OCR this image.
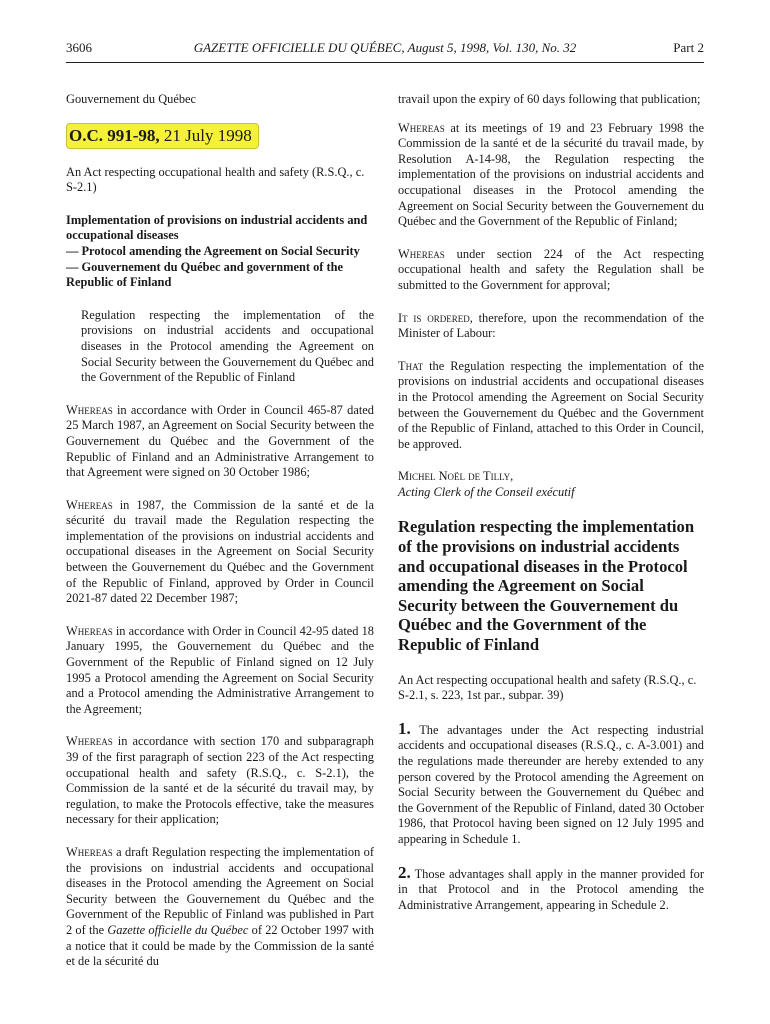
3606	GAZETTE OFFICIELLE DU QUÉBEC, August 5, 1998, Vol. 130, No. 32	Part 2

Gouvernement du Québec

O.C. 991-98, 21 July 1998

An Act respecting occupational health and safety (R.S.Q., c. S-2.1)

Implementation of provisions on industrial accidents and occupational diseases
— Protocol amending the Agreement on Social Security
— Gouvernement du Québec and government of the Republic of Finland

Regulation respecting the implementation of the provisions on industrial accidents and occupational diseases in the Protocol amending the Agreement on Social Security between the Gouvernement du Québec and the Government of the Republic of Finland

Whereas in accordance with Order in Council 465-87 dated 25 March 1987, an Agreement on Social Security between the Gouvernement du Québec and the Government of the Republic of Finland and an Administrative Arrangement to that Agreement were signed on 30 October 1986;

Whereas in 1987, the Commission de la santé et de la sécurité du travail made the Regulation respecting the implementation of the provisions on industrial accidents and occupational diseases in the Agreement on Social Security between the Gouvernement du Québec and the Government of the Republic of Finland, approved by Order in Council 2021-87 dated 22 December 1987;

Whereas in accordance with Order in Council 42-95 dated 18 January 1995, the Gouvernement du Québec and the Government of the Republic of Finland signed on 12 July 1995 a Protocol amending the Agreement on Social Security and a Protocol amending the Administrative Arrangement to the Agreement;

Whereas in accordance with section 170 and subparagraph 39 of the first paragraph of section 223 of the Act respecting occupational health and safety (R.S.Q., c. S-2.1), the Commission de la santé et de la sécurité du travail may, by regulation, to make the Protocols effective, take the measures necessary for their application;

Whereas a draft Regulation respecting the implementation of the provisions on industrial accidents and occupational diseases in the Protocol amending the Agreement on Social Security between the Gouvernement du Québec and the Government of the Republic of Finland was published in Part 2 of the Gazette officielle du Québec of 22 October 1997 with a notice that it could be made by the Commission de la santé et de la sécurité du

travail upon the expiry of 60 days following that publication;

Whereas at its meetings of 19 and 23 February 1998 the Commission de la santé et de la sécurité du travail made, by Resolution A-14-98, the Regulation respecting the implementation of the provisions on industrial accidents and occupational diseases in the Protocol amending the Agreement on Social Security between the Gouvernement du Québec and the Government of the Republic of Finland;

Whereas under section 224 of the Act respecting occupational health and safety the Regulation shall be submitted to the Government for approval;

It is ordered, therefore, upon the recommendation of the Minister of Labour:

That the Regulation respecting the implementation of the provisions on industrial accidents and occupational diseases in the Protocol amending the Agreement on Social Security between the Gouvernement du Québec and the Government of the Republic of Finland, attached to this Order in Council, be approved.

Michel Noël de Tilly,

Acting Clerk of the Conseil exécutif

Regulation respecting the implementation of the provisions on industrial accidents and occupational diseases in the Protocol amending the Agreement on Social Security between the Gouvernement du Québec and the Government of the Republic of Finland

An Act respecting occupational health and safety (R.S.Q., c. S-2.1, s. 223, 1st par., subpar. 39)

1. The advantages under the Act respecting industrial accidents and occupational diseases (R.S.Q., c. A-3.001) and the regulations made thereunder are hereby extended to any person covered by the Protocol amending the Agreement on Social Security between the Gouvernement du Québec and the Government of the Republic of Finland, dated 30 October 1986, that Protocol having been signed on 12 July 1995 and appearing in Schedule 1.

2. Those advantages shall apply in the manner provided for in that Protocol and in the Protocol amending the Administrative Arrangement, appearing in Schedule 2.
